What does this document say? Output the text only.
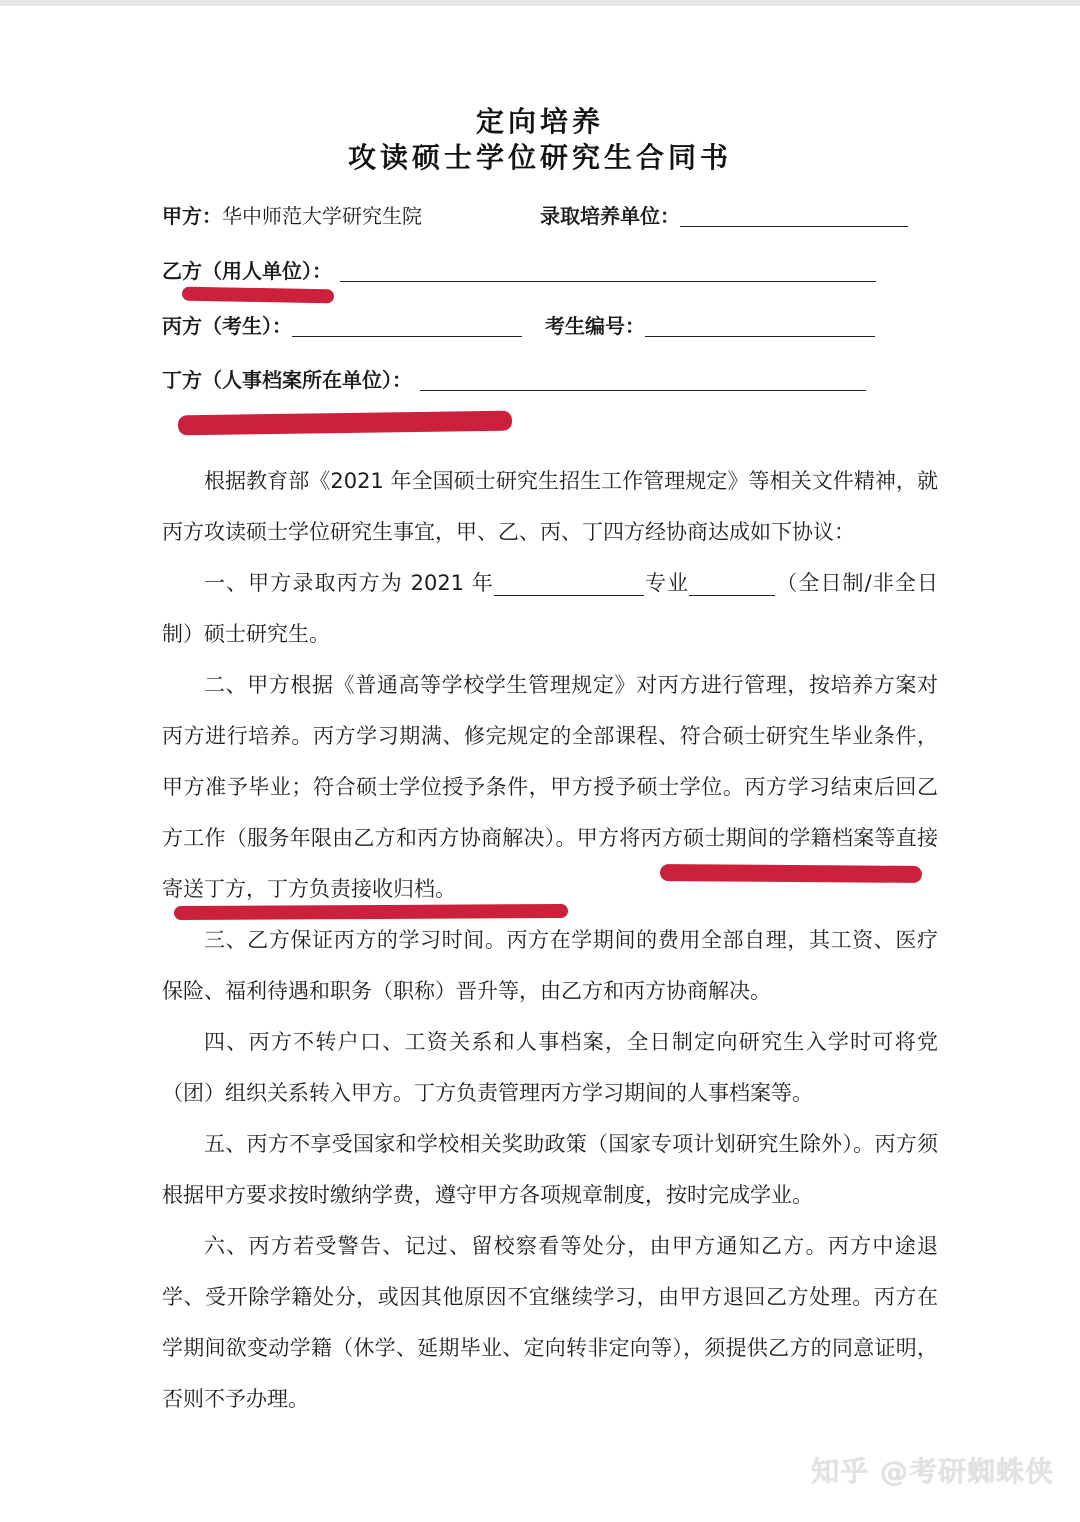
定向培养
攻读硕士学位研究生合同书
甲方：华中师范大学研究生院	录取培养单位：
乙方（用人单位）：
丙方（考生）：	考生编号：
丁方（人事档案所在单位）：

根据教育部《2021 年全国硕士研究生招生工作管理规定》等相关文件精神，就丙方攻读硕士学位研究生事宜，甲、乙、丙、丁四方经协商达成如下协议：

一、甲方录取丙方为 2021 年	专业	（全日制/非全日制）硕士研究生。

二、甲方根据《普通高等学校学生管理规定》对丙方进行管理，按培养方案对丙方进行培养。丙方学习期满、修完规定的全部课程、符合硕士研究生毕业条件，甲方准予毕业；符合硕士学位授予条件，甲方授予硕士学位。丙方学习结束后回乙方工作（服务年限由乙方和丙方协商解决）。甲方将丙方硕士期间的学籍档案等直接寄送丁方，丁方负责接收归档。

三、乙方保证丙方的学习时间。丙方在学期间的费用全部自理，其工资、医疗保险、福利待遇和职务（职称）晋升等，由乙方和丙方协商解决。

四、丙方不转户口、工资关系和人事档案，全日制定向研究生入学时可将党（团）组织关系转入甲方。丁方负责管理丙方学习期间的人事档案等。

五、丙方不享受国家和学校相关奖助政策（国家专项计划研究生除外）。丙方须根据甲方要求按时缴纳学费，遵守甲方各项规章制度，按时完成学业。

六、丙方若受警告、记过、留校察看等处分，由甲方通知乙方。丙方中途退学、受开除学籍处分，或因其他原因不宜继续学习，由甲方退回乙方处理。丙方在学期间欲变动学籍（休学、延期毕业、定向转非定向等），须提供乙方的同意证明，否则不予办理。

知乎 @考研蜘蛛侠
